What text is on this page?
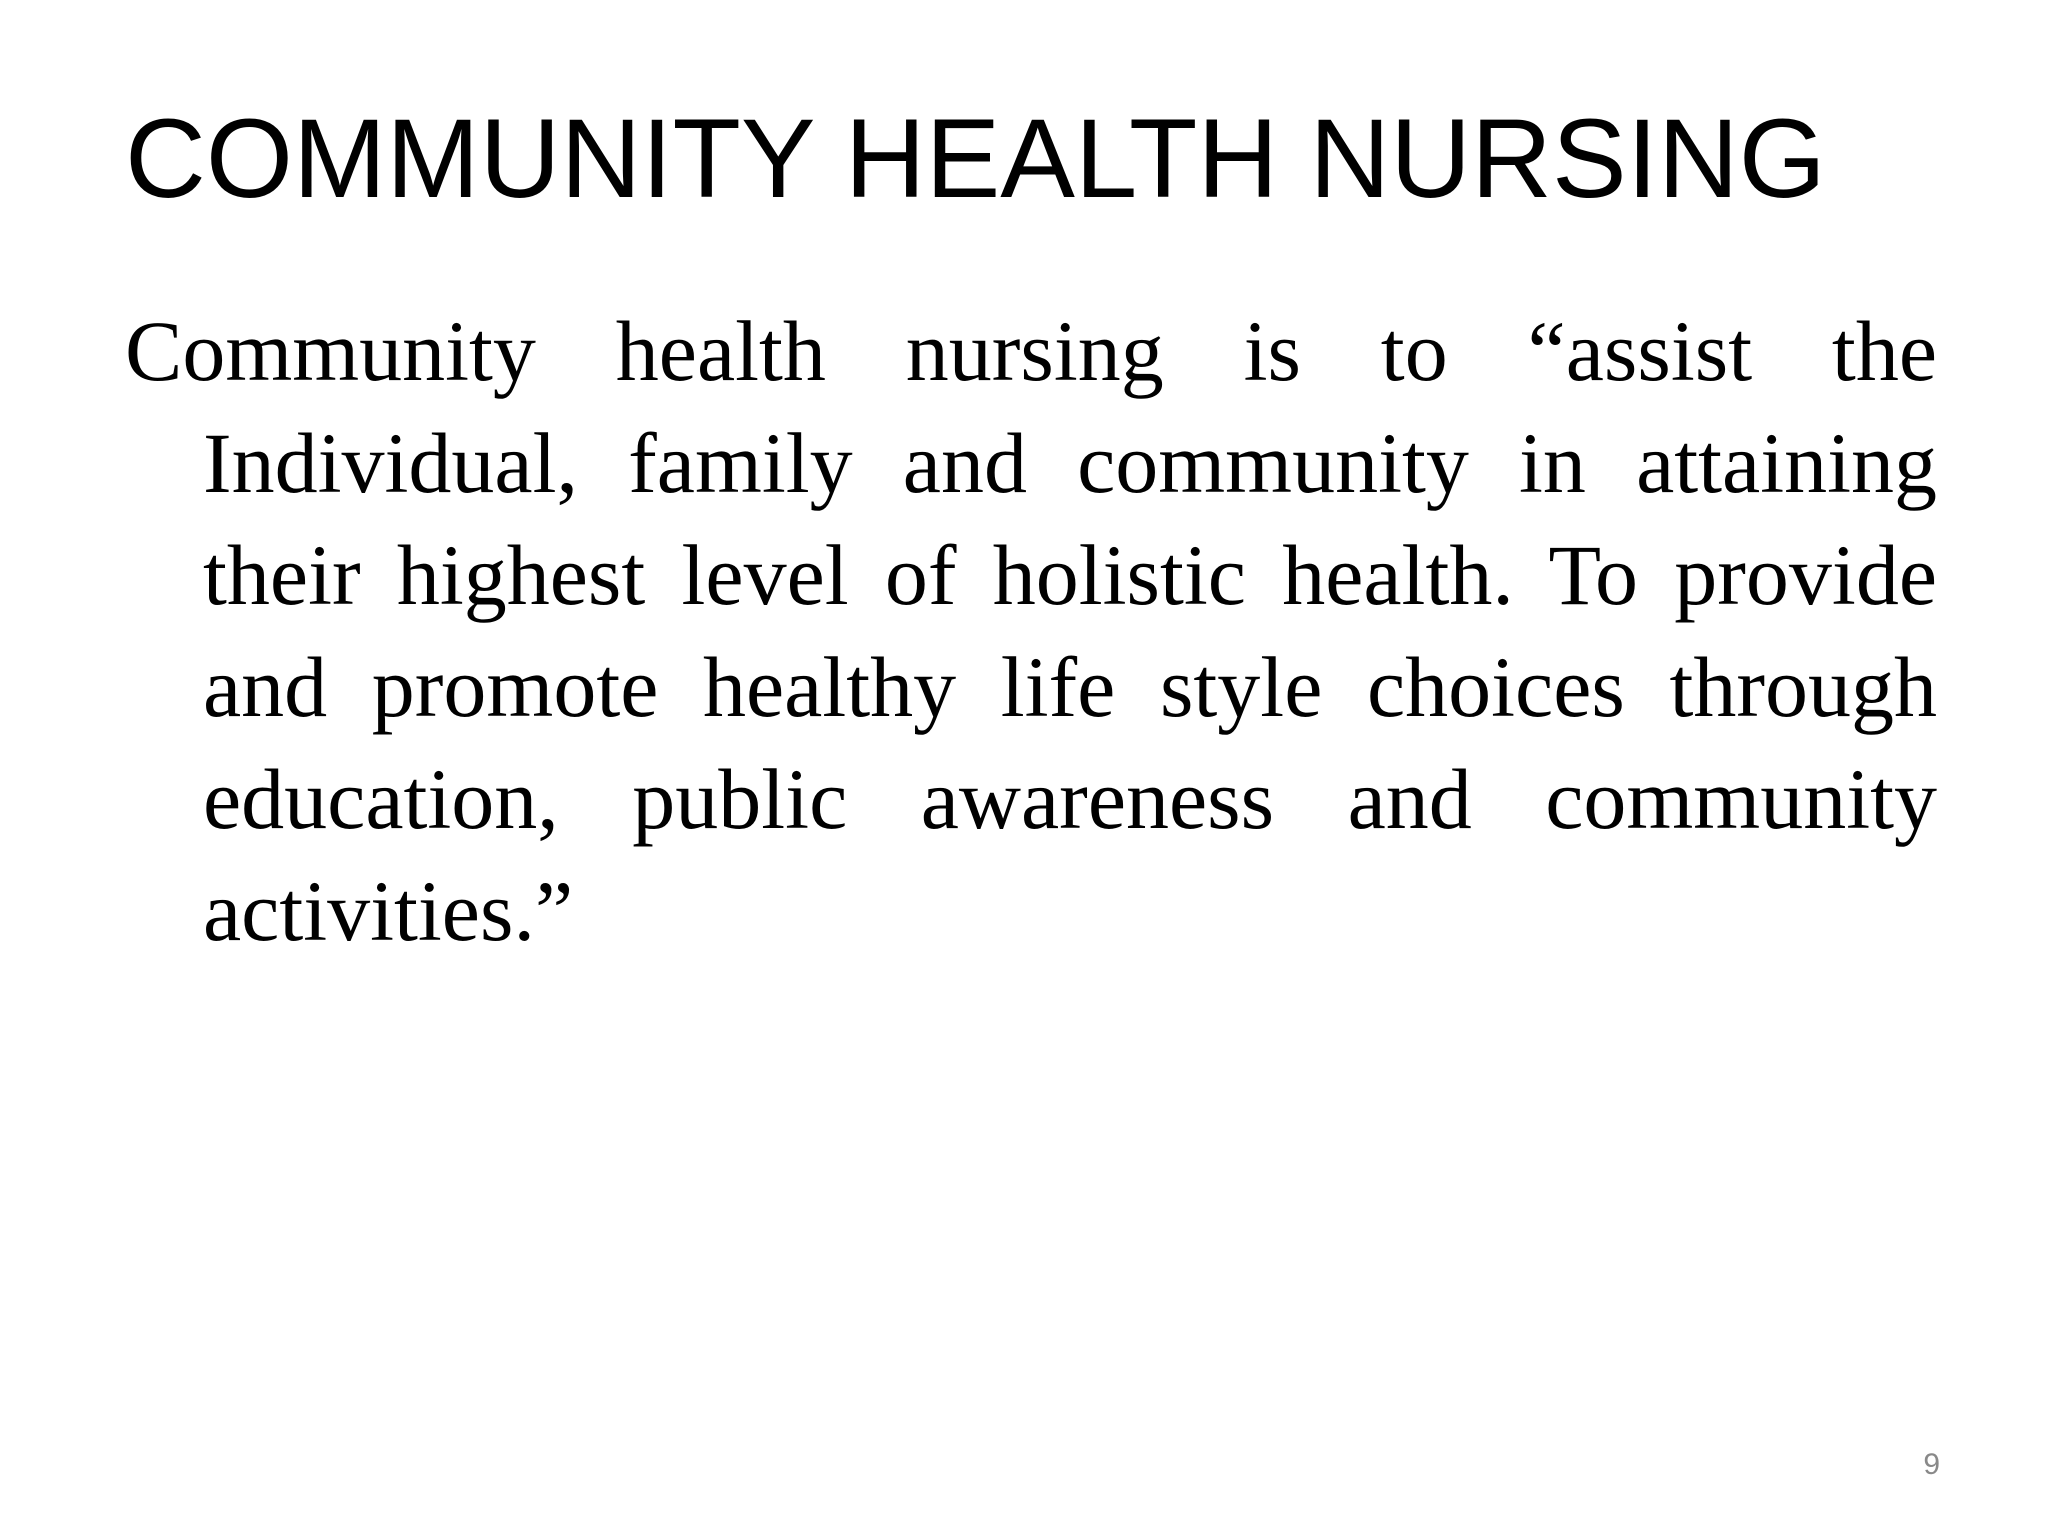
COMMUNITY HEALTH NURSING

Community health nursing is to “assist the Individual, family and community in attaining their highest level of holistic health. To provide and promote healthy life style choices through education, public awareness and community activities.”

9
